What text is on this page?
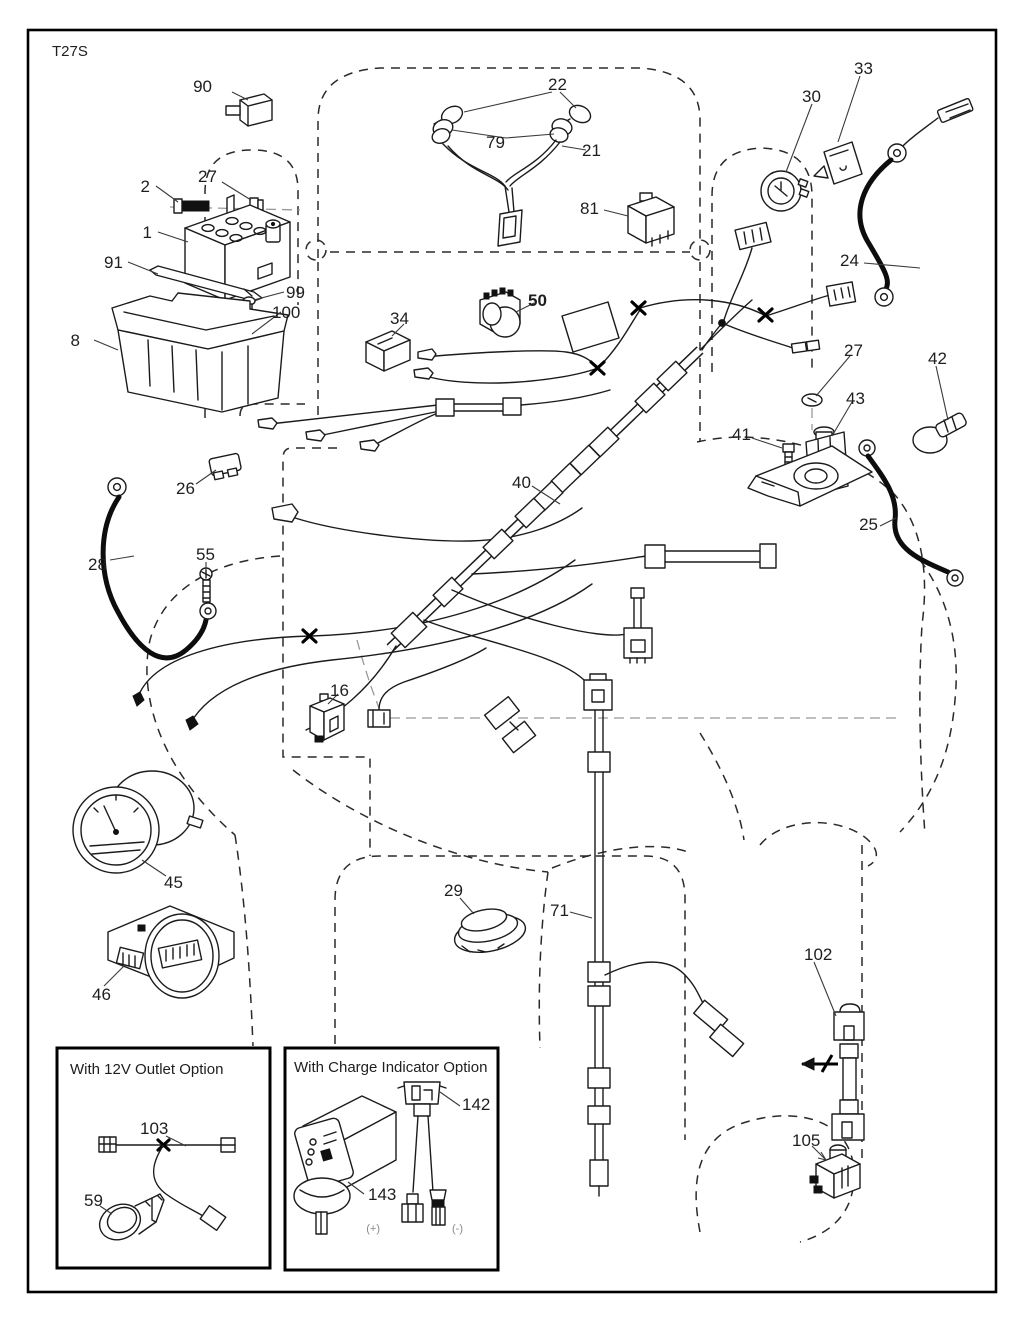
T27S
With 12V Outlet Option	With Charge Indicator Option
(+)	(-)
90
2
27
1
91
99
100
8
22
79	21
81
33
30
24
34
50
27	42
43
41
25
26
28
55
40
16
45
46
29
71
102
105
103
59
142
143
